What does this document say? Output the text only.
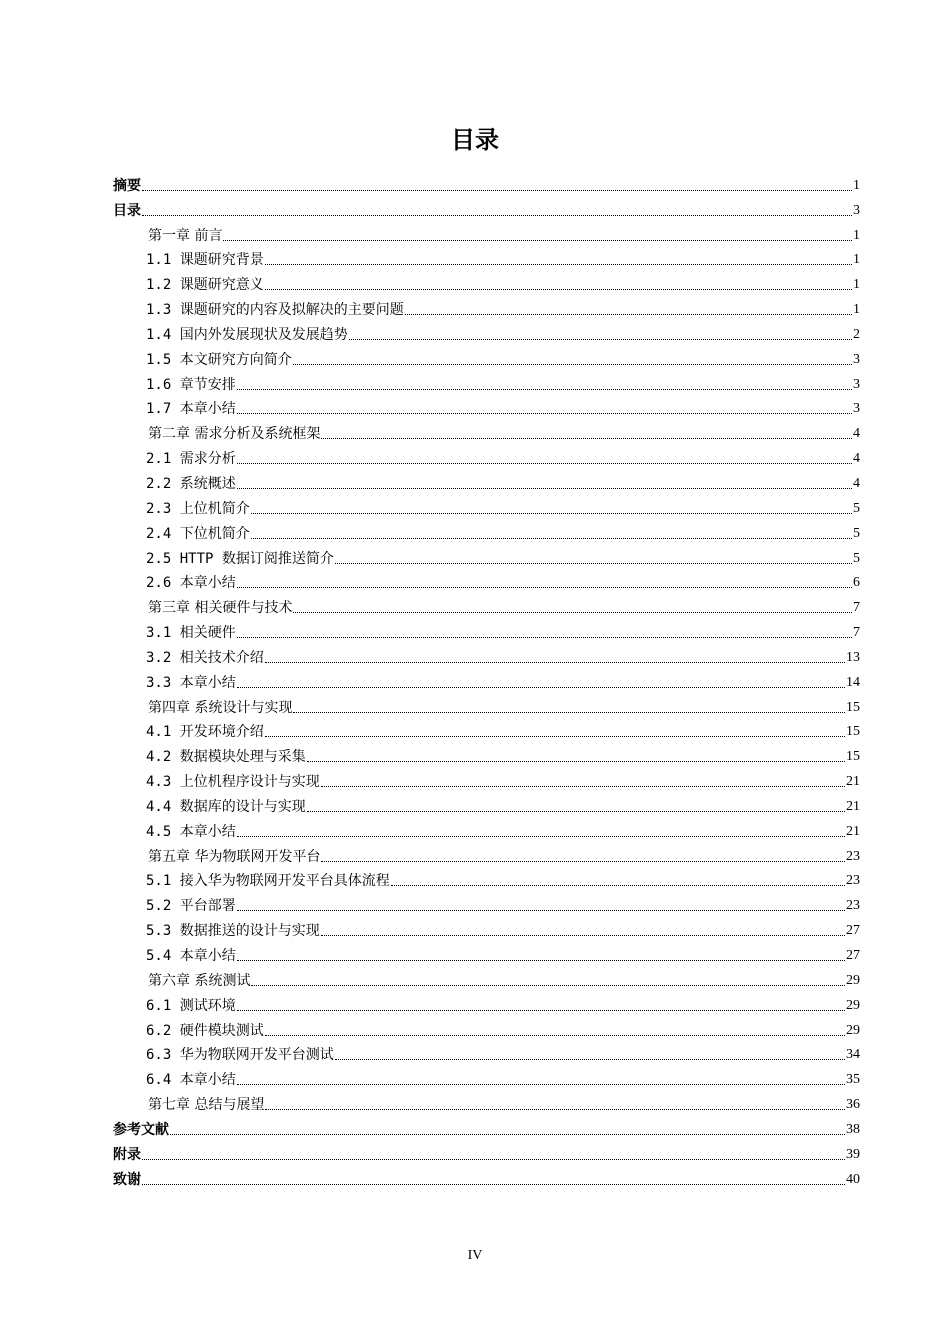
目录
摘要	1
目录	3
第一章 前言	1
1.1 课题研究背景	1
1.2 课题研究意义	1
1.3 课题研究的内容及拟解决的主要问题	1
1.4 国内外发展现状及发展趋势	2
1.5 本文研究方向简介	3
1.6 章节安排	3
1.7 本章小结	3
第二章 需求分析及系统框架	4
2.1 需求分析	4
2.2 系统概述	4
2.3 上位机简介	5
2.4 下位机简介	5
2.5 HTTP 数据订阅推送简介	5
2.6 本章小结	6
第三章 相关硬件与技术	7
3.1 相关硬件	7
3.2 相关技术介绍	13
3.3 本章小结	14
第四章 系统设计与实现	15
4.1 开发环境介绍	15
4.2 数据模块处理与采集	15
4.3 上位机程序设计与实现	21
4.4 数据库的设计与实现	21
4.5 本章小结	21
第五章 华为物联网开发平台	23
5.1 接入华为物联网开发平台具体流程	23
5.2 平台部署	23
5.3 数据推送的设计与实现	27
5.4 本章小结	27
第六章 系统测试	29
6.1 测试环境	29
6.2 硬件模块测试	29
6.3 华为物联网开发平台测试	34
6.4 本章小结	35
第七章 总结与展望	36
参考文献	38
附录	39
致谢	40
IV
